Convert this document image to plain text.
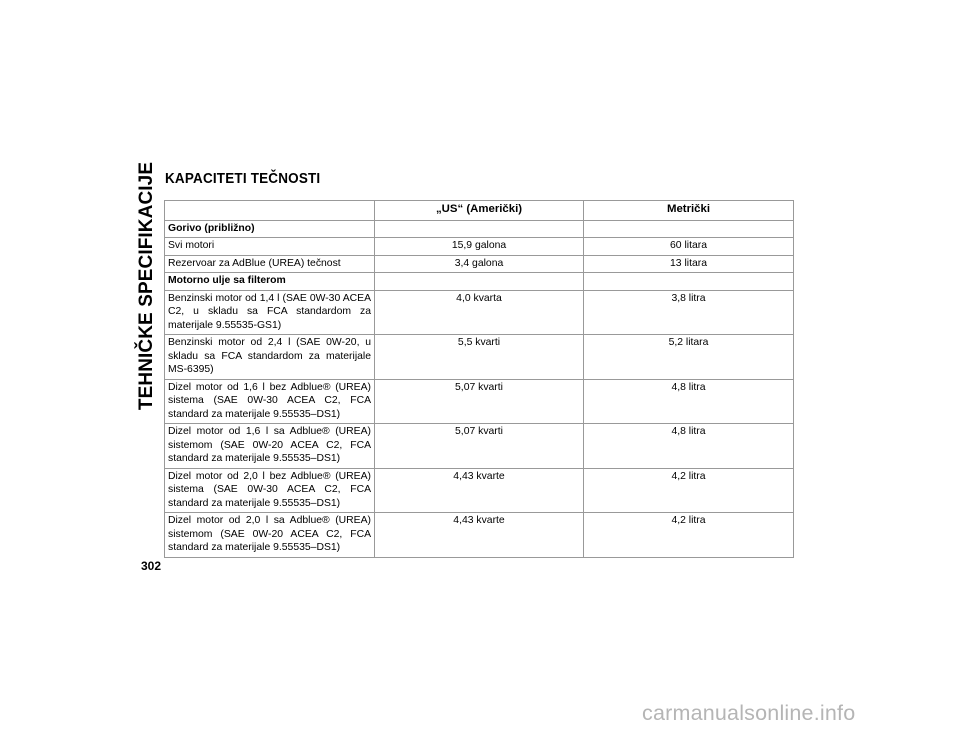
TEHNIČKE SPECIFIKACIJE KAPACITETI TEČNOSTI
	„US“ (Američki)	Metrički
Gorivo (približno)		
Svi motori	15,9 galona	60 litara
Rezervoar za AdBlue (UREA) tečnost	3,4 galona	13 litara
Motorno ulje sa filterom		
Benzinski motor od 1,4 l (SAE 0W-30 ACEA C2, u skladu sa FCA standardom za materijale 9.55535-GS1)	4,0 kvarta	3,8 litra
Benzinski motor od 2,4 l (SAE 0W-20, u skladu sa FCA standardom za materijale MS-6395)	5,5 kvarti	5,2 litara
Dizel motor od 1,6 l bez Adblue® (UREA) sistema (SAE 0W-30 ACEA C2, FCA standard za materijale 9.55535–DS1)	5,07 kvarti	4,8 litra
Dizel motor od 1,6 l sa Adblue® (UREA) sistemom (SAE 0W-20 ACEA C2, FCA standard za materijale 9.55535–DS1)	5,07 kvarti	4,8 litra
Dizel motor od 2,0 l bez Adblue® (UREA) sistema (SAE 0W-30 ACEA C2, FCA standard za materijale 9.55535–DS1)	4,43 kvarte	4,2 litra
Dizel motor od 2,0 l sa Adblue® (UREA) sistemom (SAE 0W-20 ACEA C2, FCA standard za materijale 9.55535–DS1)	4,43 kvarte	4,2 litra
302
carmanualsonline.info
